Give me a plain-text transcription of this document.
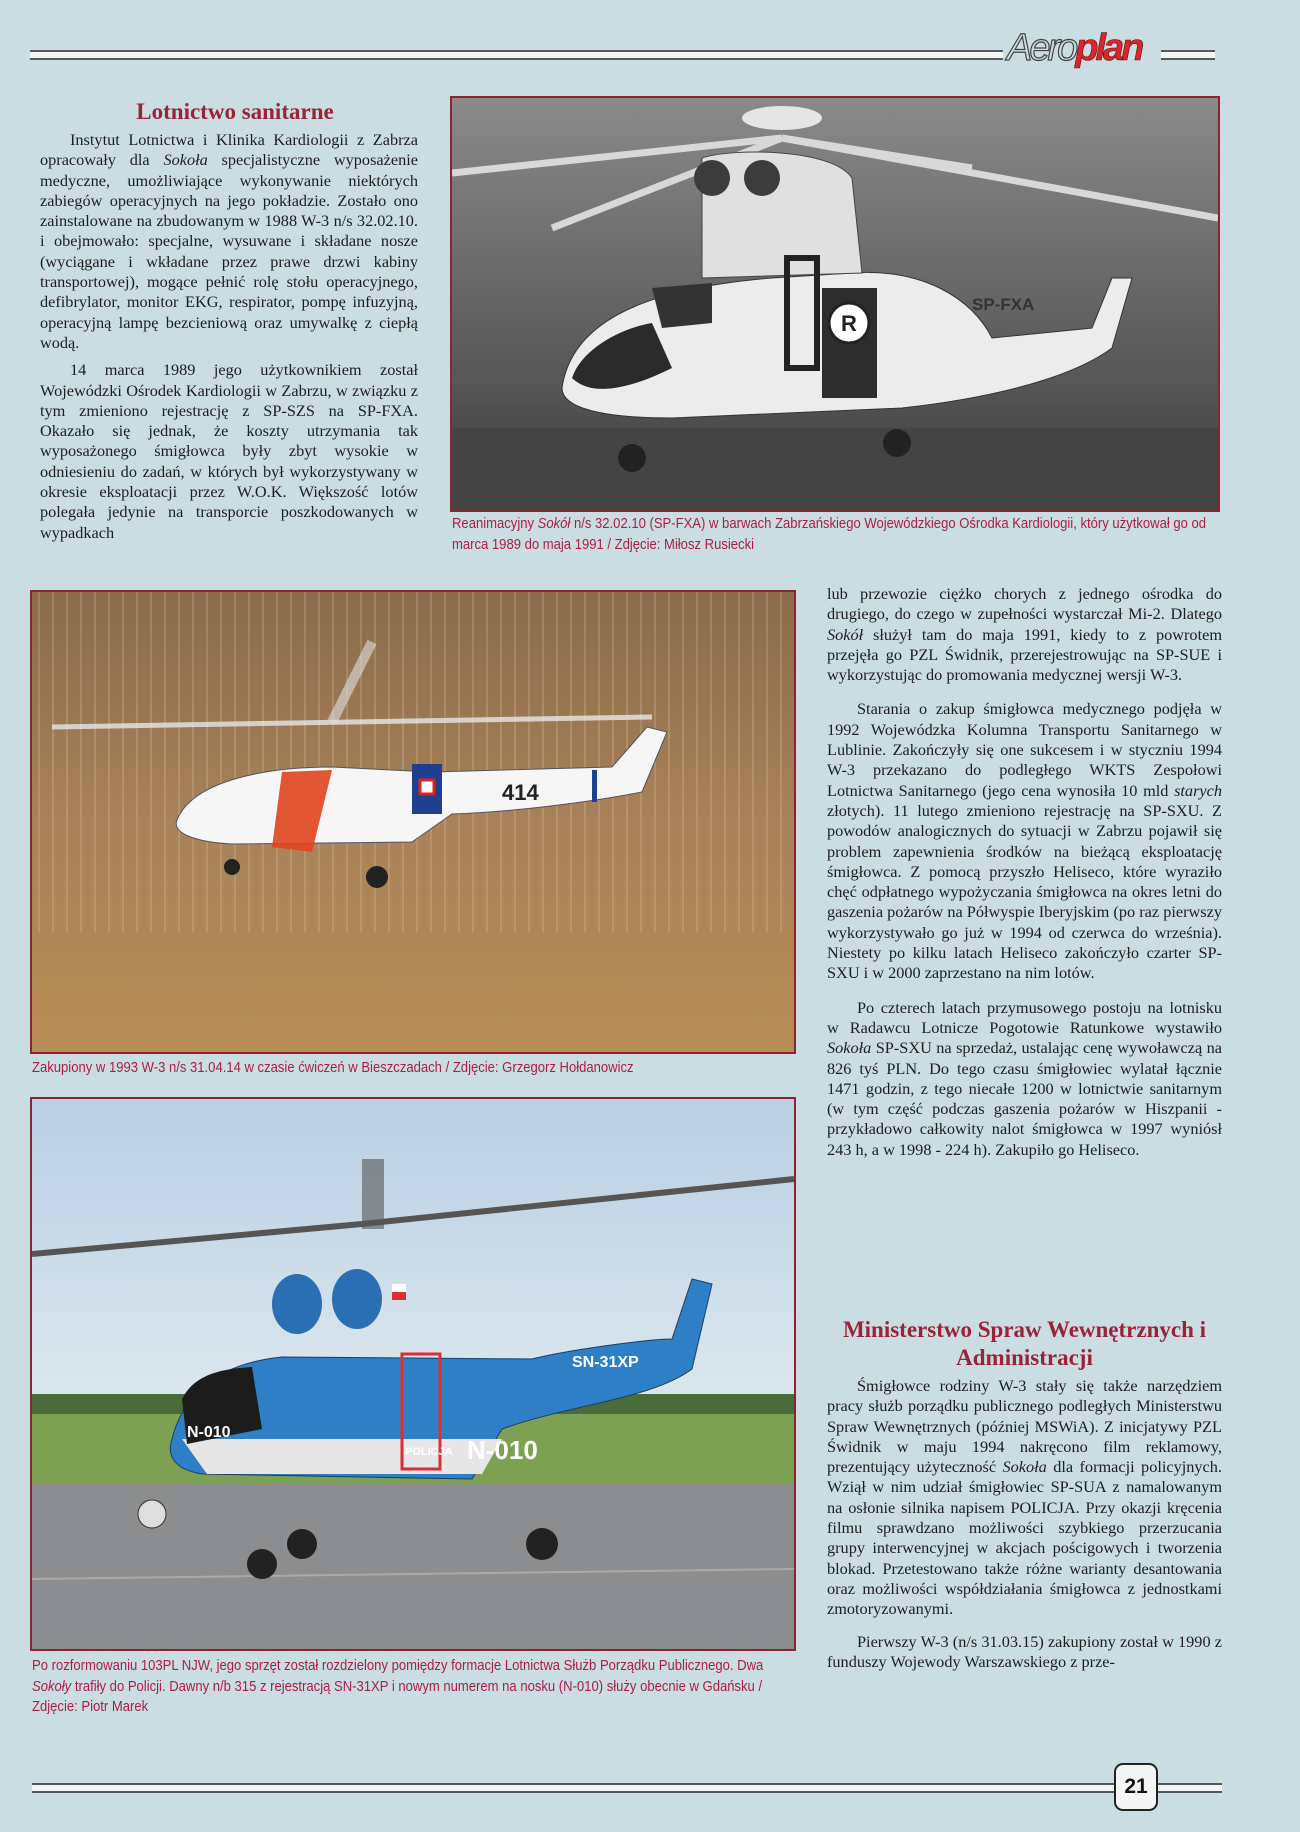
Aeroplan
Lotnictwo sanitarne

Instytut Lotnictwa i Klinika Kardiologii z Zabrza opracowały dla Sokoła specjalistyczne wyposażenie medyczne, umożliwiające wykonywanie niektórych zabiegów operacyjnych na jego pokładzie. Zostało ono zainstalowane na zbudowanym w 1988 W-3 n/s 32.02.10. i obejmowało: specjalne, wysuwane i składane nosze (wyciągane i wkładane przez prawe drzwi kabiny transportowej), mogące pełnić rolę stołu operacyjnego, defibrylator, monitor EKG, respirator, pompę infuzyjną, operacyjną lampę bezcieniową oraz umywalkę z ciepłą wodą.

14 marca 1989 jego użytkownikiem został Wojewódzki Ośrodek Kardiologii w Zabrzu, w związku z tym zmieniono rejestrację z SP-SZS na SP-FXA. Okazało się jednak, że koszty utrzymania tak wyposażonego śmigłowca były zbyt wysokie w odniesieniu do zadań, w których był wykorzystywany w okresie eksploatacji przez W.O.K. Większość lotów polegała jedynie na transporcie poszkodowanych w wypadkach

R
SP-FXA
Reanimacyjny Sokół n/s 32.02.10 (SP-FXA) w barwach Zabrzańskiego Wojewódzkiego Ośrodka Kardiologii, który użytkował go od marca 1989 do maja 1991 / Zdjęcie: Miłosz Rusiecki
414

lub przewozie ciężko chorych z jednego ośrodka do drugiego, do czego w zupełności wystarczał Mi-2. Dlatego Sokół służył tam do maja 1991, kiedy to z powrotem przejęła go PZL Świdnik, przerejestrowując na SP-SUE i wykorzystując do promowania medycznej wersji W-3.

Starania o zakup śmigłowca medycznego podjęła w 1992 Wojewódzka Kolumna Transportu Sanitarnego w Lublinie. Zakończyły się one sukcesem i w styczniu 1994 W-3 przekazano do podległego WKTS Zespołowi Lotnictwa Sanitarnego (jego cena wynosiła 10 mld starych złotych). 11 lutego zmieniono rejestrację na SP-SXU. Z powodów analogicznych do sytuacji w Zabrzu pojawił się problem zapewnienia środków na bieżącą eksploatację śmigłowca. Z pomocą przyszło Heliseco, które wyraziło chęć odpłatnego wypożyczania śmigłowca na okres letni do gaszenia pożarów na Półwyspie Iberyjskim (po raz pierwszy wykorzystywało go już w 1994 od czerwca do września). Niestety po kilku latach Heliseco zakończyło czarter SP-SXU i w 2000 zaprzestano na nim lotów.

Po czterech latach przymusowego postoju na lotnisku w Radawcu Lotnicze Pogotowie Ratunkowe wystawiło Sokoła SP-SXU na sprzedaż, ustalając cenę wywoławczą na 826 tyś PLN. Do tego czasu śmigłowiec wylatał łącznie 1471 godzin, z tego niecałe 1200 w lotnictwie sanitarnym (w tym część podczas gaszenia pożarów w Hiszpanii - przykładowo całkowity nalot śmigłowca w 1997 wyniósł 243 h, a w 1998 - 224 h). Zakupiło go Heliseco.

Zakupiony w 1993 W-3 n/s 31.04.14 w czasie ćwiczeń w Bieszczadach / Zdjęcie: Grzegorz Hołdanowicz
POLICJA N-010
N-010
SN-31XP
Po rozformowaniu 103PL NJW, jego sprzęt został rozdzielony pomiędzy formacje Lotnictwa Służb Porządku Publicznego. Dwa Sokoły trafiły do Policji. Dawny n/b 315 z rejestracją SN-31XP i nowym numerem na nosku (N-010) służy obecnie w Gdańsku / Zdjęcie: Piotr Marek
Ministerstwo Spraw Wewnętrznych i Administracji

Śmigłowce rodziny W-3 stały się także narzędziem pracy służb porządku publicznego podległych Ministerstwu Spraw Wewnętrznych (później MSWiA). Z inicjatywy PZL Świdnik w maju 1994 nakręcono film reklamowy, prezentujący użyteczność Sokoła dla formacji policyjnych. Wziął w nim udział śmigłowiec SP-SUA z namalowanym na osłonie silnika napisem POLICJA. Przy okazji kręcenia filmu sprawdzano możliwości szybkiego przerzucania grupy interwencyjnej w akcjach pościgowych i tworzenia blokad. Przetestowano także różne warianty desantowania oraz możliwości współdziałania śmigłowca z jednostkami zmotoryzowanymi.

Pierwszy W-3 (n/s 31.03.15) zakupiony został w 1990 z funduszy Wojewody Warszawskiego z prze-

21
